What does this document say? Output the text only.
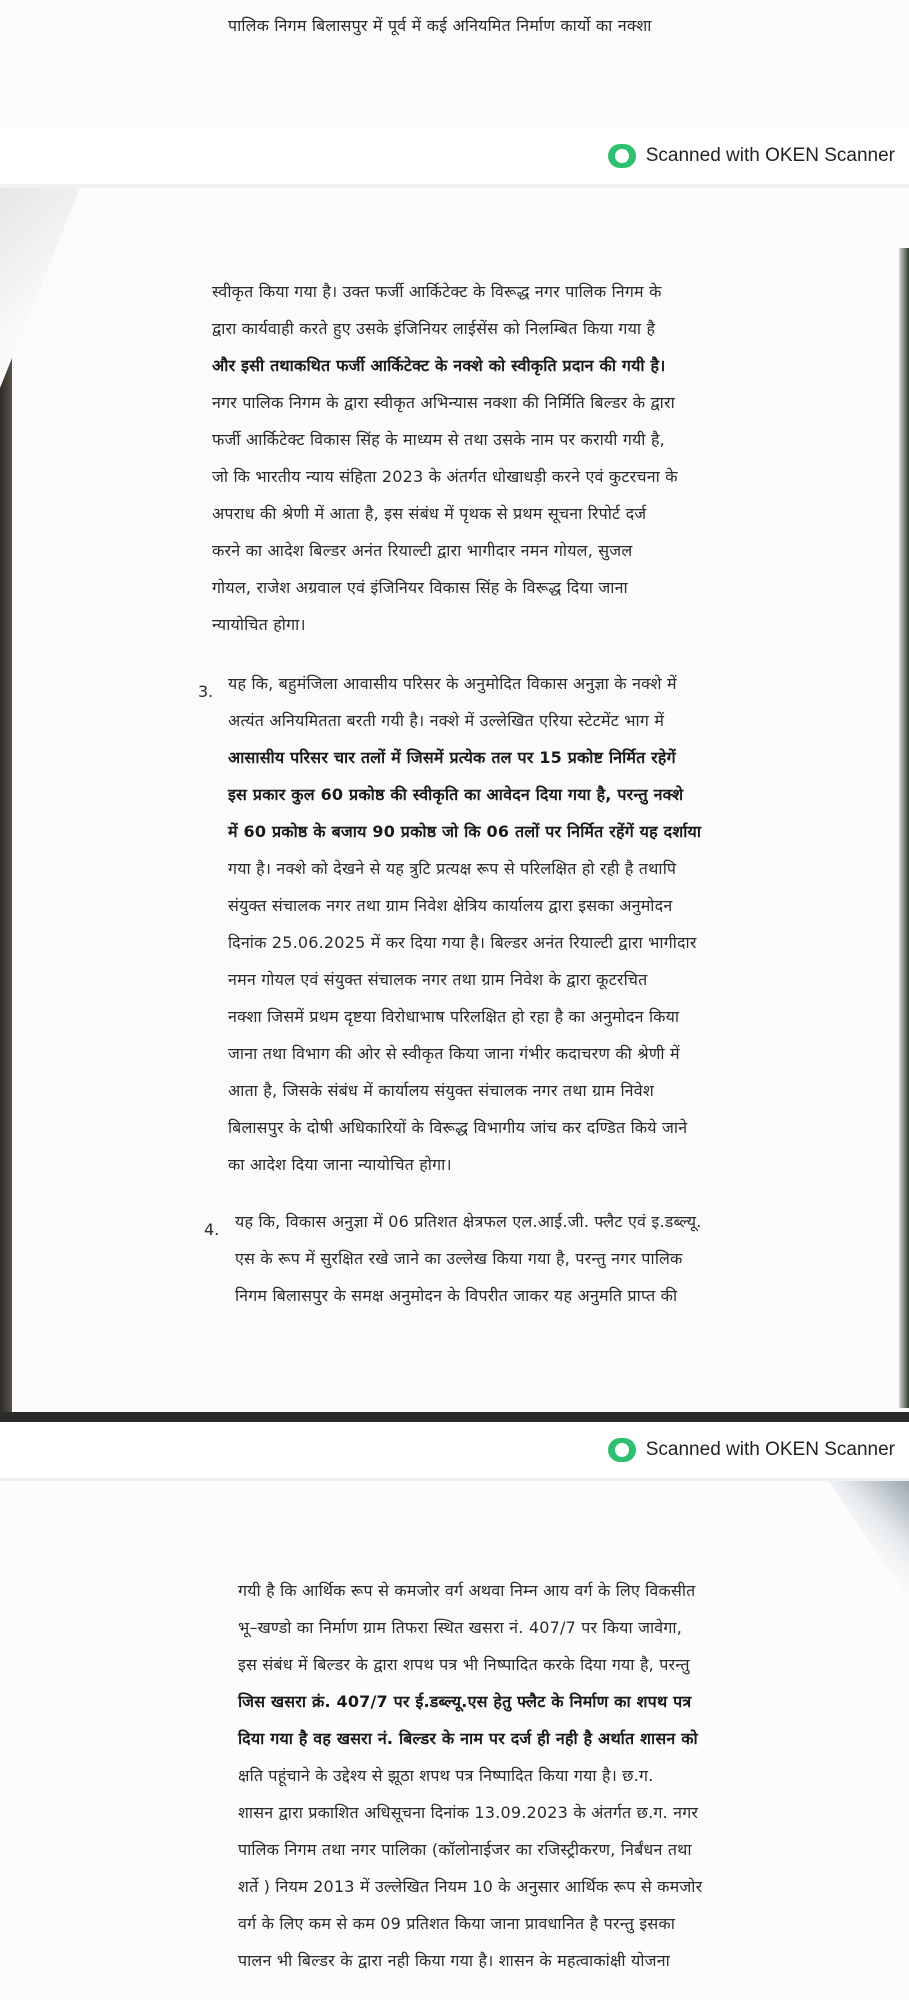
पालिक निगम बिलासपुर में पूर्व में कई अनियमित निर्माण कार्यो का नक्शा
Scanned with OKEN Scanner
स्वीकृत किया गया है। उक्त फर्जी आर्किटेक्ट के विरूद्ध नगर पालिक निगम के
द्वारा कार्यवाही करते हुए उसके इंजिनियर लाईसेंस को निलम्बित किया गया है
और इसी तथाकथित फर्जी आर्किटेक्ट के नक्शे को स्वीकृति प्रदान की गयी है।
नगर पालिक निगम के द्वारा स्वीकृत अभिन्यास नक्शा की निर्मिति बिल्डर के द्वारा
फर्जी आर्किटेक्ट विकास सिंह के माध्यम से तथा उसके नाम पर करायी गयी है,
जो कि भारतीय न्याय संहिता 2023 के अंतर्गत धोखाधड़ी करने एवं कुटरचना के
अपराध की श्रेणी में आता है, इस संबंध में पृथक से प्रथम सूचना रिपोर्ट दर्ज
करने का आदेश बिल्डर अनंत रियाल्टी द्वारा भागीदार नमन गोयल, सुजल
गोयल, राजेश अग्रवाल एवं इंजिनियर विकास सिंह के विरूद्ध दिया जाना
न्यायोचित होगा।
3. यह कि, बहुमंजिला आवासीय परिसर के अनुमोदित विकास अनुज्ञा के नक्शे में
अत्यंत अनियमितता बरती गयी है। नक्शे में उल्लेखित एरिया स्टेटमेंट भाग में
आसासीय परिसर चार तलों में जिसमें प्रत्येक तल पर 15 प्रकोष्ट निर्मित रहेगें
इस प्रकार कुल 60 प्रकोष्ठ की स्वीकृति का आवेदन दिया गया है, परन्तु नक्शे
में 60 प्रकोष्ठ के बजाय 90 प्रकोष्ठ जो कि 06 तलों पर निर्मित रहेंगें यह दर्शाया
गया है। नक्शे को देखने से यह त्रुटि प्रत्यक्ष रूप से परिलक्षित हो रही है तथापि
संयुक्त संचालक नगर तथा ग्राम निवेश क्षेत्रिय कार्यालय द्वारा इसका अनुमोदन
दिनांक 25.06.2025 में कर दिया गया है। बिल्डर अनंत रियाल्टी द्वारा भागीदार
नमन गोयल एवं संयुक्त संचालक नगर तथा ग्राम निवेश के द्वारा कूटरचित
नक्शा जिसमें प्रथम दृष्टया विरोधाभाष परिलक्षित हो रहा है का अनुमोदन किया
जाना तथा विभाग की ओर से स्वीकृत किया जाना गंभीर कदाचरण की श्रेणी में
आता है, जिसके संबंध में कार्यालय संयुक्त संचालक नगर तथा ग्राम निवेश
बिलासपुर के दोषी अधिकारियों के विरूद्ध विभागीय जांच कर दण्डित किये जाने
का आदेश दिया जाना न्यायोचित होगा।
4. यह कि, विकास अनुज्ञा में 06 प्रतिशत क्षेत्रफल एल.आई.जी. फ्लैट एवं इ.डब्ल्यू.
एस के रूप में सुरक्षित रखे जाने का उल्लेख किया गया है, परन्तु नगर पालिक
निगम बिलासपुर के समक्ष अनुमोदन के विपरीत जाकर यह अनुमति प्राप्त की
Scanned with OKEN Scanner
गयी है कि आर्थिक रूप से कमजोर वर्ग अथवा निम्न आय वर्ग के लिए विकसीत
भू–खण्डो का निर्माण ग्राम तिफरा स्थित खसरा नं. 407/7 पर किया जावेगा,
इस संबंध में बिल्डर के द्वारा शपथ पत्र भी निष्पादित करके दिया गया है, परन्तु
जिस खसरा क्रं. 407/7 पर ई.डब्ल्यू.एस हेतु फ्लैट के निर्माण का शपथ पत्र
दिया गया है वह खसरा नं. बिल्डर के नाम पर दर्ज ही नही है अर्थात शासन को
क्षति पहूंचाने के उद्देश्य से झूठा शपथ पत्र निष्पादित किया गया है। छ.ग.
शासन द्वारा प्रकाशित अधिसूचना दिनांक 13.09.2023 के अंतर्गत छ.ग. नगर
पालिक निगम तथा नगर पालिका (कॉलोनाईजर का रजिस्ट्रीकरण, निर्बंधन तथा
शर्ते ) नियम 2013 में उल्लेखित नियम 10 के अनुसार आर्थिक रूप से कमजोर
वर्ग के लिए कम से कम 09 प्रतिशत किया जाना प्रावधानित है परन्तु इसका
पालन भी बिल्डर के द्वारा नही किया गया है। शासन के महत्वाकांक्षी योजना
